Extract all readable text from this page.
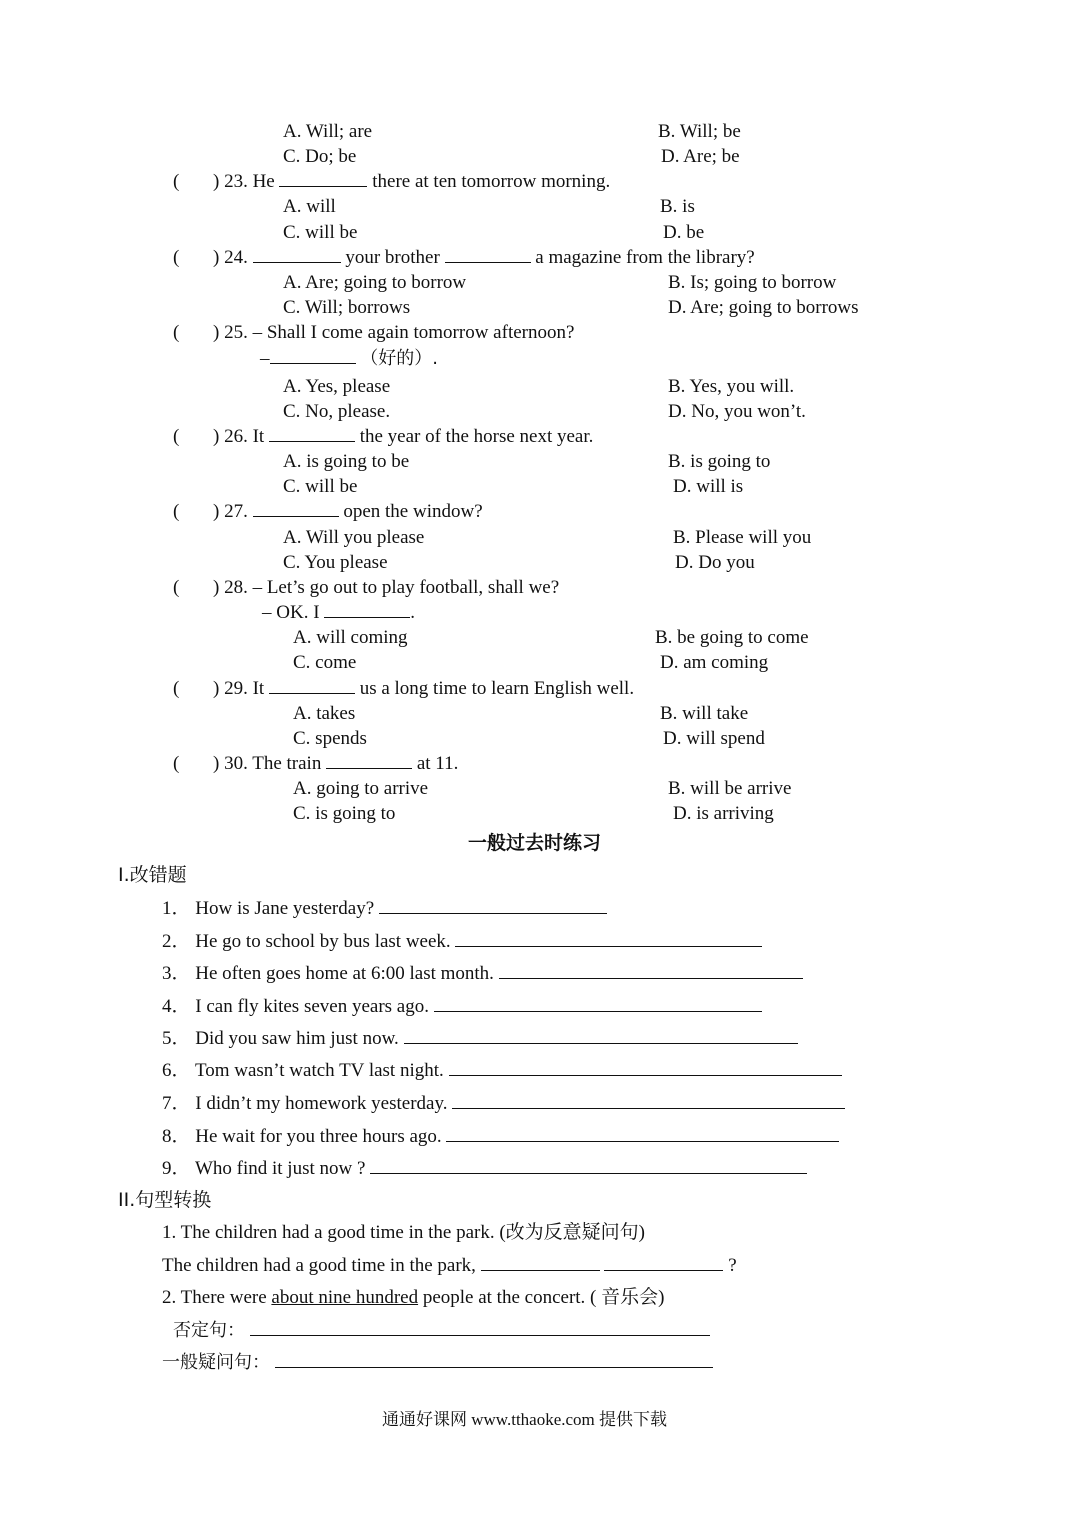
A. Will; are	B. Will; be
C. Do; be	D. Are; be
( ) 23. He	there at ten tomorrow morning.
A. will	B. is
C. will be	D. be
( ) 24.	your brother	a magazine from the library?
A. Are; going to borrow	B. Is; going to borrow
C. Will; borrows	D. Are; going to borrows
( ) 25. – Shall I come again tomorrow afternoon?
–	（好的）.
A. Yes, please	B. Yes, you will.
C. No, please.	D. No, you won’t.
( ) 26. It	the year of the horse next year.
A. is going to be	B. is going to
C. will be	D. will is
( ) 27.	open the window?
A. Will you please	B. Please will you
C. You please	D. Do you
( ) 28. – Let’s go out to play football, shall we?
– OK. I	.
A. will coming	B. be going to come
C. come	D. am coming
( ) 29. It	us a long time to learn English well.
A. takes	B. will take
C. spends	D. will spend
( ) 30. The train	at 11.
A. going to arrive	B. will be arrive
C. is going to	D. is arriving
一般过去时练习
I.改错题
1． How is Jane yesterday?
2． He go to school by bus last week.
3． He often goes home at 6:00 last month.
4． I can fly kites seven years ago.
5． Did you saw him just now.
6． Tom wasn’t watch TV last night.
7． I didn’t my homework yesterday.
8． He wait for you three hours ago.
9． Who find it just now ?
II.句型转换
1. The children had a good time in the park. (改为反意疑问句)
The children had a good time in the park,	?
2. There were about nine hundred people at the concert. ( 音乐会)
否定句：
一般疑问句：
通通好课网 www.tthaoke.com 提供下载
